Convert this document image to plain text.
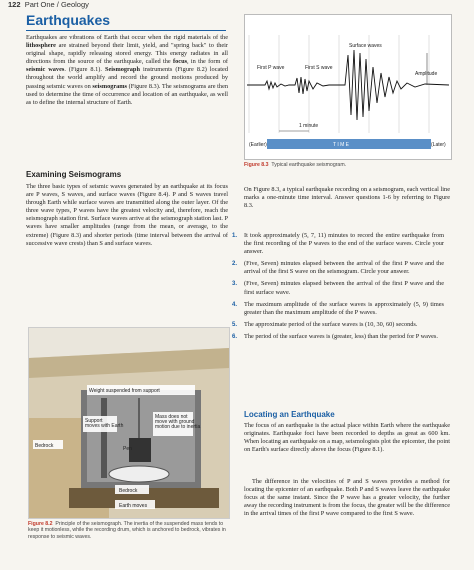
122 Part One / Geology
Earthquakes
Earthquakes are vibrations of Earth that occur when the rigid materials of the lithosphere are strained beyond their limit, yield, and "spring back" to their original shape, rapidly releasing stored energy. This energy radiates in all directions from the source of the earthquake, called the focus, in the form of seismic waves. (Figure 8.1). Seismograph instruments (Figure 8.2) located throughout the world amplify and record the ground motions produced by passing seismic waves on seismograms (Figure 8.3). The seismograms are then used to determine the time of occurrence and location of an earthquake, as well as to define the internal structure of Earth.
First P wave	First S wave
Surface waves
Amplitude
1 minute
(Earlier)	T I M E	(Later)
Figure 8.3 Typical earthquake seismogram.
Examining Seismograms
The three basic types of seismic waves generated by an earthquake at its focus are P waves, S waves, and surface waves (Figure 8.4). P and S waves travel through Earth while surface waves are transmitted along the outer layer. Of the three wave types, P waves have the greatest velocity and, therefore, reach the seismograph station first. Surface waves arrive at the seismograph station last. P waves have smaller amplitudes (range from the mean, or average, to the extreme) (Figure 8.3) and shorter periods (time interval between the arrival of successive wave crests) than S and surface waves.
On Figure 8.3, a typical earthquake recording on a seismogram, each vertical line marks a one-minute time interval. Answer questions 1-6 by referring to Figure 8.3.
1. It took approximately (5, 7, 11) minutes to record the entire earthquake from the first recording of the P waves to the end of the surface waves. Circle your answer.
2. (Five, Seven) minutes elapsed between the arrival of the first P wave and the arrival of the first S wave on the seismogram. Circle your answer.
3. (Five, Seven) minutes elapsed between the arrival of the first P wave and the first surface wave.
4. The maximum amplitude of the surface waves is approximately (5, 9) times greater than the maximum amplitude of the P waves.
5. The approximate period of the surface waves is (10, 30, 60) seconds.
6. The period of the surface waves is (greater, less) than the period for P waves.
Weight suspended from support
Support moves with Earth
Mass does not move with ground motion due to inertia
Pen
Bedrock
Bedrock
Earth moves
Figure 8.2 Principle of the seismograph. The inertia of the suspended mass tends to keep it motionless, while the recording drum, which is anchored to bedrock, vibrates in response to seismic waves.
Locating an Earthquake
The focus of an earthquake is the actual place within Earth where the earthquake originates. Earthquake foci have been recorded to depths as great as 600 km. When locating an earthquake on a map, seismologists plot the epicenter, the point on Earth's surface directly above the focus (Figure 8.1).
The difference in the velocities of P and S waves provides a method for locating the epicenter of an earthquake. Both P and S waves leave the earthquake focus at the same instant. Since the P wave has a greater velocity, the further away the recording instrument is from the focus, the greater will be the difference in the arrival times of the first P wave compared to the first S wave.
